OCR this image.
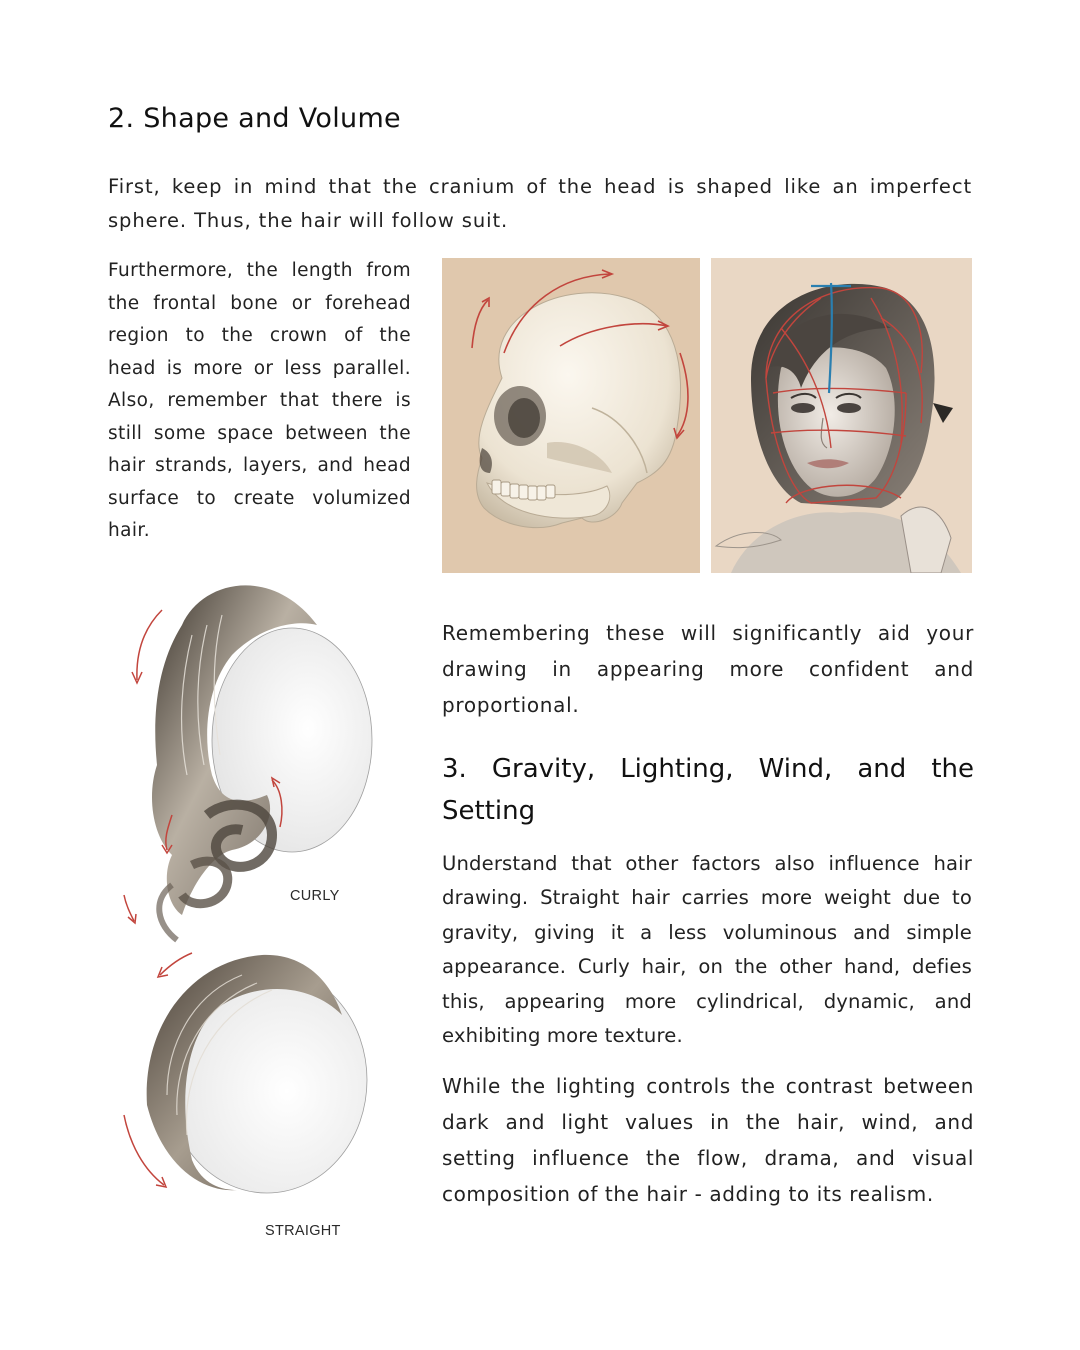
2. Shape and Volume

First, keep in mind that the cranium of the head is shaped like an imperfect sphere. Thus, the hair will follow suit.

Furthermore, the length from the frontal bone or forehead region to the crown of the head is more or less parallel. Also, remember that there is still some space between the hair strands, layers, and head surface to create volumized hair.

Remembering these will significantly aid your drawing in appearing more confident and proportional.

3. Gravity, Lighting, Wind, and the Setting

Understand that other factors also influence hair drawing. Straight hair carries more weight due to gravity, giving it a less voluminous and simple appearance. Curly hair, on the other hand, defies this, appearing more cylindrical, dynamic, and exhibiting more texture.

While the lighting controls the contrast between dark and light values in the hair, wind, and setting influence the flow, drama, and visual composition of the hair - adding to its realism.

CURLY
STRAIGHT
